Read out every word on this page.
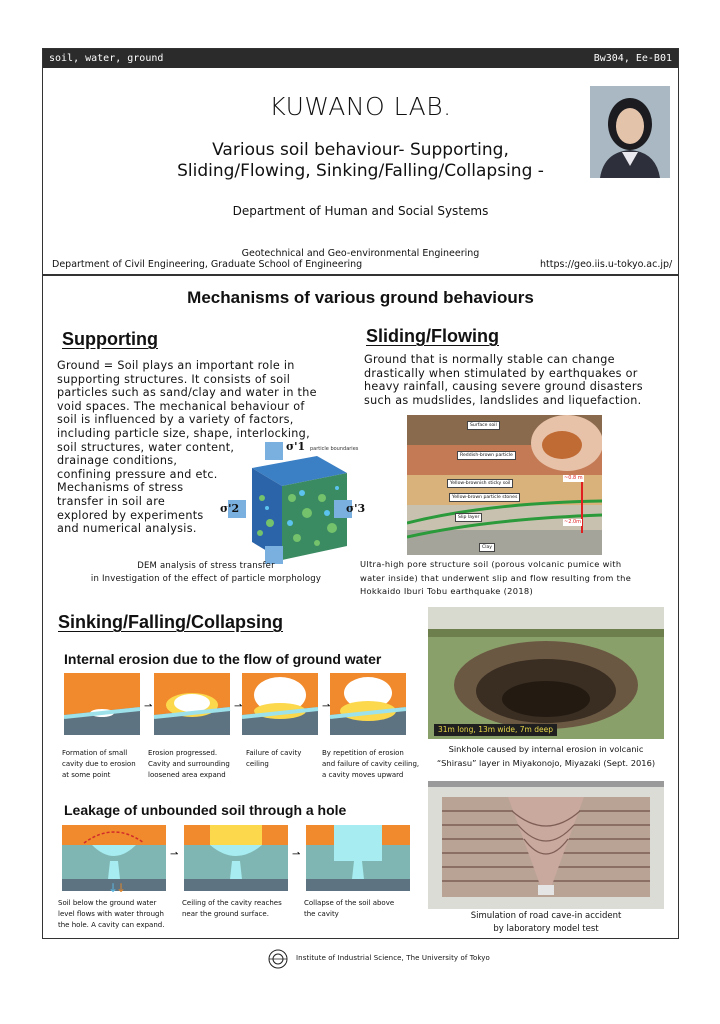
soil, water, ground	Bw304, Ee-B01
KUWANO LAB.
Various soil behaviour- Supporting,
Sliding/Flowing, Sinking/Falling/Collapsing -
Department of Human and Social Systems
Geotechnical and Geo-environmental Engineering
Department of Civil Engineering, Graduate School of Engineering	https://geo.iis.u-tokyo.ac.jp/
Mechanisms of various ground behaviours
Supporting
Ground = Soil plays an important role in
supporting structures. It consists of soil
particles such as sand/clay and water in the
void spaces. The mechanical behaviour of
soil is influenced by a variety of factors,
including particle size, shape, interlocking,
soil structures, water content,
drainage conditions,
confining pressure and etc.
Mechanisms of stress
transfer in soil are
explored by experiments
and numerical analysis.
σ'1
σ'2	σ'3
particle boundaries
DEM analysis of stress transfer
in Investigation of the effect of particle morphology
Sliding/Flowing
Ground that is normally stable can change
drastically when stimulated by earthquakes or
heavy rainfall, causing severe ground disasters
such as mudslides, landslides and liquefaction.
Surface soil
Reddish-brown particle
Yellow-brownish sticky soil
Yellow-brown particle stones
Slip layer
Clay
~0.8 m
~2.0m
Ultra-high pore structure soil (porous volcanic pumice with
water inside) that underwent slip and flow resulting from the
Hokkaido Iburi Tobu earthquake (2018)
Sinking/Falling/Collapsing
Internal erosion due to the flow of ground water
⇀	⇀	⇀
Formation of small
cavity due to erosion
at some point
Erosion progressed.
Cavity and surrounding
loosened area expand
Failure of cavity
ceiling
By repetition of erosion
and failure of cavity ceiling,
a cavity moves upward
Leakage of unbounded soil through a hole
⇀	⇀
↓
↓
Soil below the ground water
level flows with water through
the hole. A cavity can expand.
Ceiling of the cavity reaches
near the ground surface.
Collapse of the soil above
the cavity
31m long, 13m wide, 7m deep
Sinkhole caused by internal erosion in volcanic
“Shirasu” layer in Miyakonojo, Miyazaki (Sept. 2016)
Simulation of road cave-in accident
by laboratory model test
Institute of Industrial Science, The University of Tokyo
